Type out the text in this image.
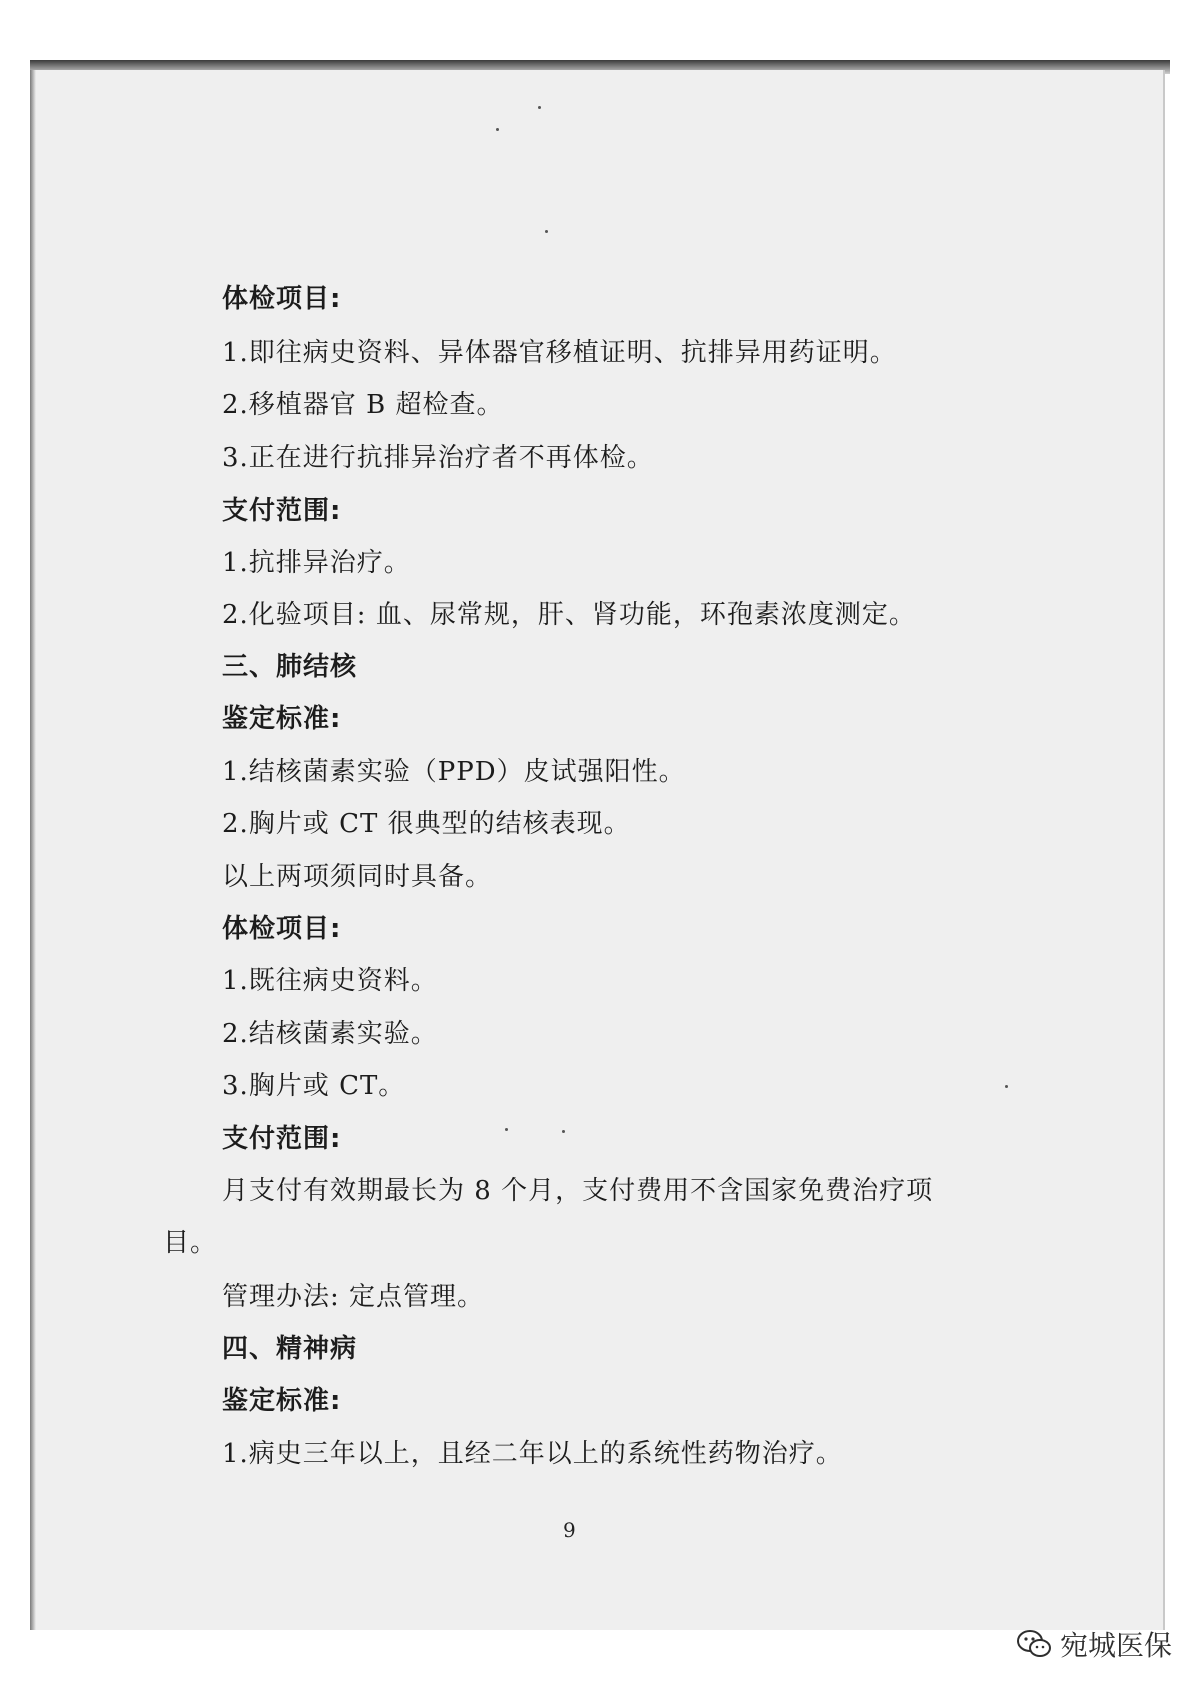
体检项目:
1.即往病史资料、异体器官移植证明、抗排异用药证明。
2.移植器官 B 超检查。
3.正在进行抗排异治疗者不再体检。
支付范围:
1.抗排异治疗。
2.化验项目: 血、尿常规，肝、肾功能，环孢素浓度测定。
三、肺结核
鉴定标准:
1.结核菌素实验（PPD）皮试强阳性。
2.胸片或 CT 很典型的结核表现。
以上两项须同时具备。
体检项目:
1.既往病史资料。
2.结核菌素实验。
3.胸片或 CT。
支付范围:
月支付有效期最长为 8 个月，支付费用不含国家免费治疗项
目。
管理办法: 定点管理。
四、精神病
鉴定标准:
1.病史三年以上，且经二年以上的系统性药物治疗。
9
宛城医保
